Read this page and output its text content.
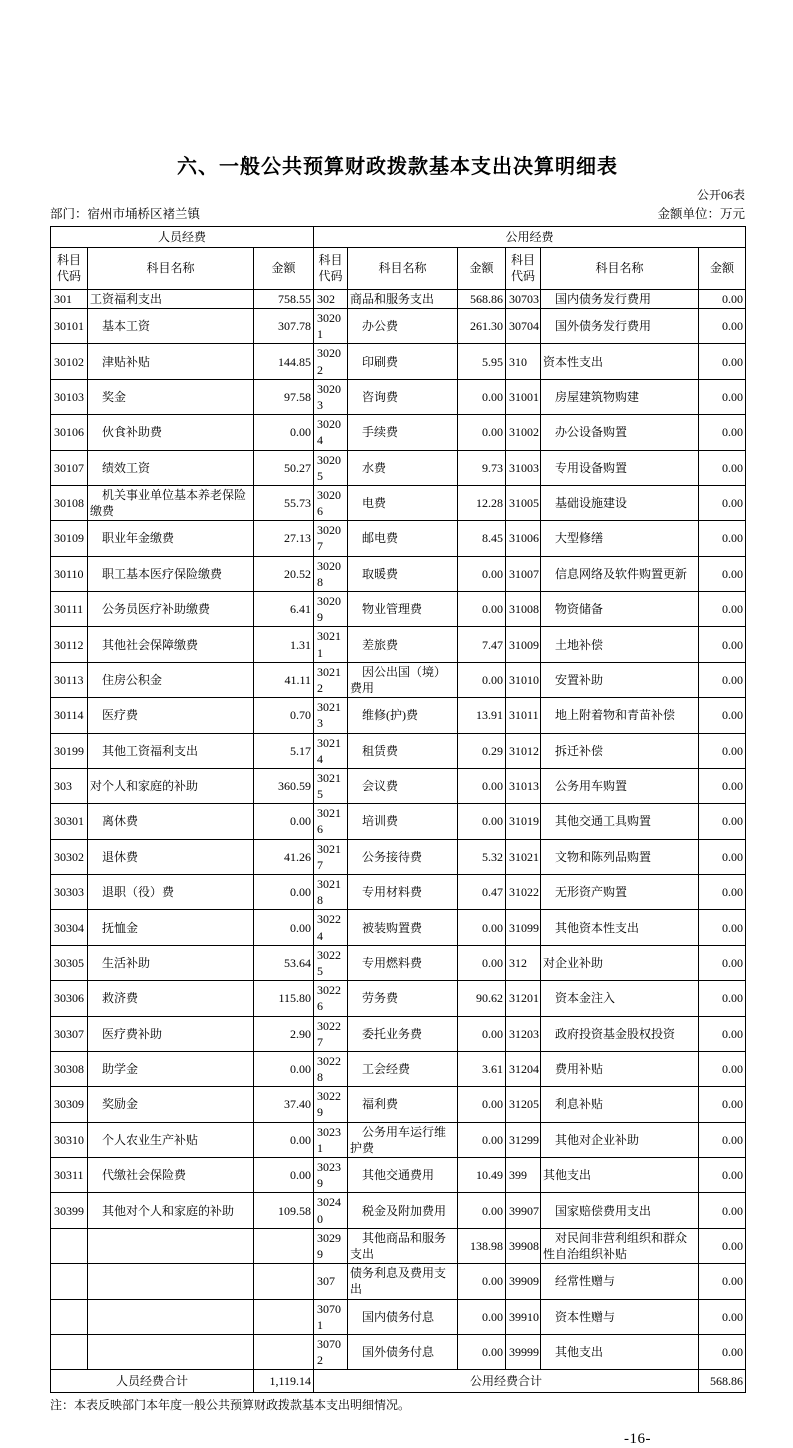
六、一般公共预算财政拨款基本支出决算明细表
公开06表
部门：宿州市埇桥区褚兰镇	金额单位：万元
人员经费			公用经费					
科目代码	科目名称	金额	科目代码	科目名称	金额	科目代码	科目名称	金额
301	工资福利支出	758.55	302	商品和服务支出	568.86	30703	国内债务发行费用	0.00
30101	基本工资	307.78	30201	办公费	261.30	30704	国外债务发行费用	0.00
30102	津贴补贴	144.85	30202	印刷费	5.95	310	资本性支出	0.00
30103	奖金	97.58	30203	咨询费	0.00	31001	房屋建筑物购建	0.00
30106	伙食补助费	0.00	30204	手续费	0.00	31002	办公设备购置	0.00
30107	绩效工资	50.27	30205	水费	9.73	31003	专用设备购置	0.00
30108	机关事业单位基本养老保险缴费	55.73	30206	电费	12.28	31005	基础设施建设	0.00
30109	职业年金缴费	27.13	30207	邮电费	8.45	31006	大型修缮	0.00
30110	职工基本医疗保险缴费	20.52	30208	取暖费	0.00	31007	信息网络及软件购置更新	0.00
30111	公务员医疗补助缴费	6.41	30209	物业管理费	0.00	31008	物资储备	0.00
30112	其他社会保障缴费	1.31	30211	差旅费	7.47	31009	土地补偿	0.00
30113	住房公积金	41.11	30212	因公出国（境）费用	0.00	31010	安置补助	0.00
30114	医疗费	0.70	30213	维修(护)费	13.91	31011	地上附着物和青苗补偿	0.00
30199	其他工资福利支出	5.17	30214	租赁费	0.29	31012	拆迁补偿	0.00
303	对个人和家庭的补助	360.59	30215	会议费	0.00	31013	公务用车购置	0.00
30301	离休费	0.00	30216	培训费	0.00	31019	其他交通工具购置	0.00
30302	退休费	41.26	30217	公务接待费	5.32	31021	文物和陈列品购置	0.00
30303	退职（役）费	0.00	30218	专用材料费	0.47	31022	无形资产购置	0.00
30304	抚恤金	0.00	30224	被装购置费	0.00	31099	其他资本性支出	0.00
30305	生活补助	53.64	30225	专用燃料费	0.00	312	对企业补助	0.00
30306	救济费	115.80	30226	劳务费	90.62	31201	资本金注入	0.00
30307	医疗费补助	2.90	30227	委托业务费	0.00	31203	政府投资基金股权投资	0.00
30308	助学金	0.00	30228	工会经费	3.61	31204	费用补贴	0.00
30309	奖励金	37.40	30229	福利费	0.00	31205	利息补贴	0.00
30310	个人农业生产补贴	0.00	30231	公务用车运行维护费	0.00	31299	其他对企业补助	0.00
30311	代缴社会保险费	0.00	30239	其他交通费用	10.49	399	其他支出	0.00
30399	其他对个人和家庭的补助	109.58	30240	税金及附加费用	0.00	39907	国家赔偿费用支出	0.00
			30299	其他商品和服务支出	138.98	39908	对民间非营利组织和群众性自治组织补贴	0.00
			307	债务利息及费用支出	0.00	39909	经常性赠与	0.00
			30701	国内债务付息	0.00	39910	资本性赠与	0.00
			30702	国外债务付息	0.00	39999	其他支出	0.00
人员经费合计		1,119.14	公用经费合计					568.86
注：本表反映部门本年度一般公共预算财政拨款基本支出明细情况。
-16-
